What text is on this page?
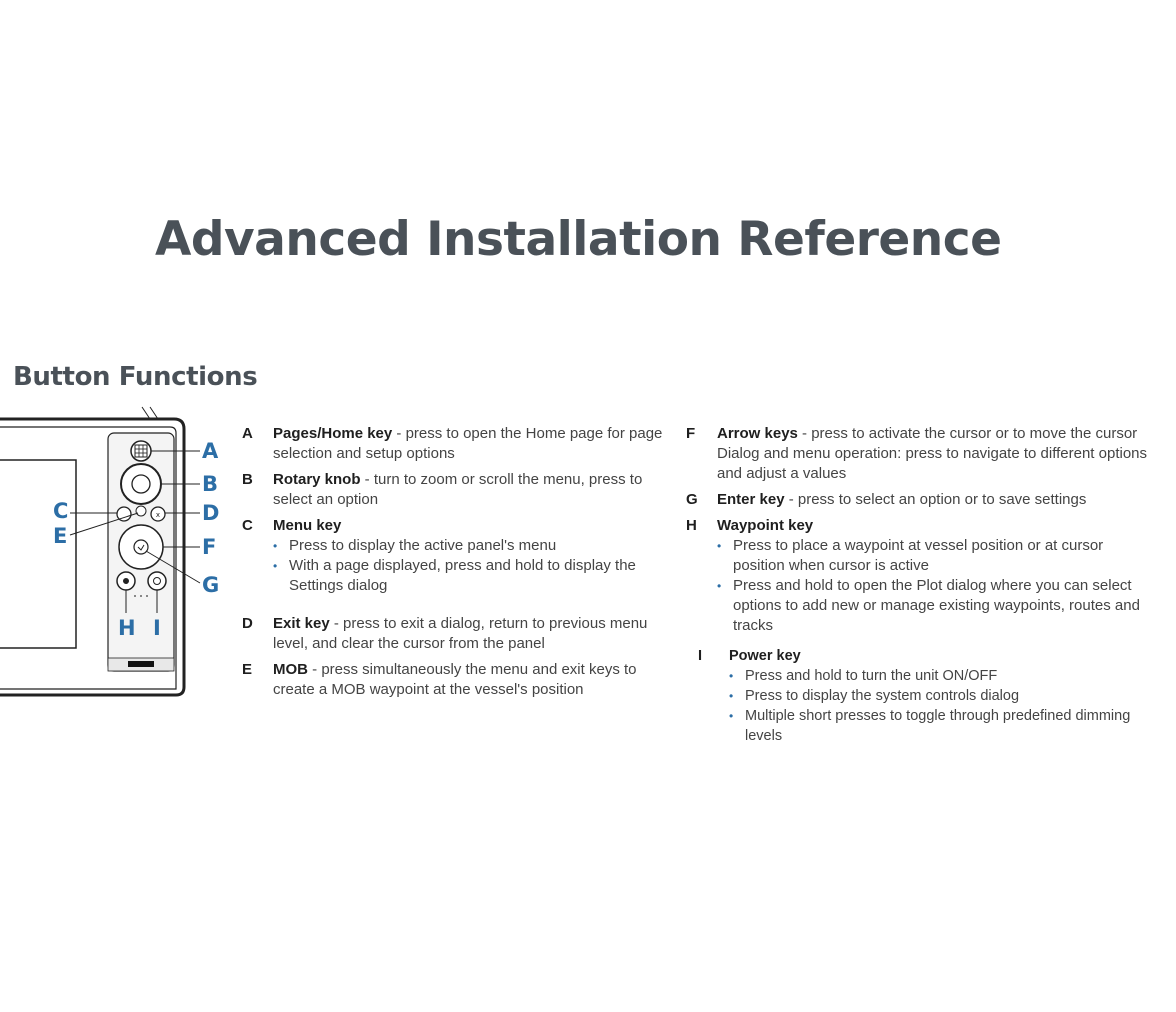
Advanced Installation Reference
Button Functions
x
A
B
C	D
E	F
G
H I
A	Pages/Home key - press to open the Home page for page selection and setup options
B	Rotary knob - turn to zoom or scroll the menu, press to select an option
C	Menu key
• Press to display the active panel's menu
• With a page displayed, press and hold to display the Settings dialog
D	Exit key - press to exit a dialog, return to previous menu level, and clear the cursor from the panel
E	MOB - press simultaneously the menu and exit keys to create a MOB waypoint at the vessel's position
F	Arrow keys - press to activate the cursor or to move the cursor
Dialog and menu operation: press to navigate to different options and adjust a values
G	Enter key - press to select an option or to save settings
H	Waypoint key
• Press to place a waypoint at vessel position or at cursor position when cursor is active
• Press and hold to open the Plot dialog where you can select options to add new or manage existing waypoints, routes and tracks
I	Power key
• Press and hold to turn the unit ON/OFF
• Press to display the system controls dialog
• Multiple short presses to toggle through predefined dimming levels
